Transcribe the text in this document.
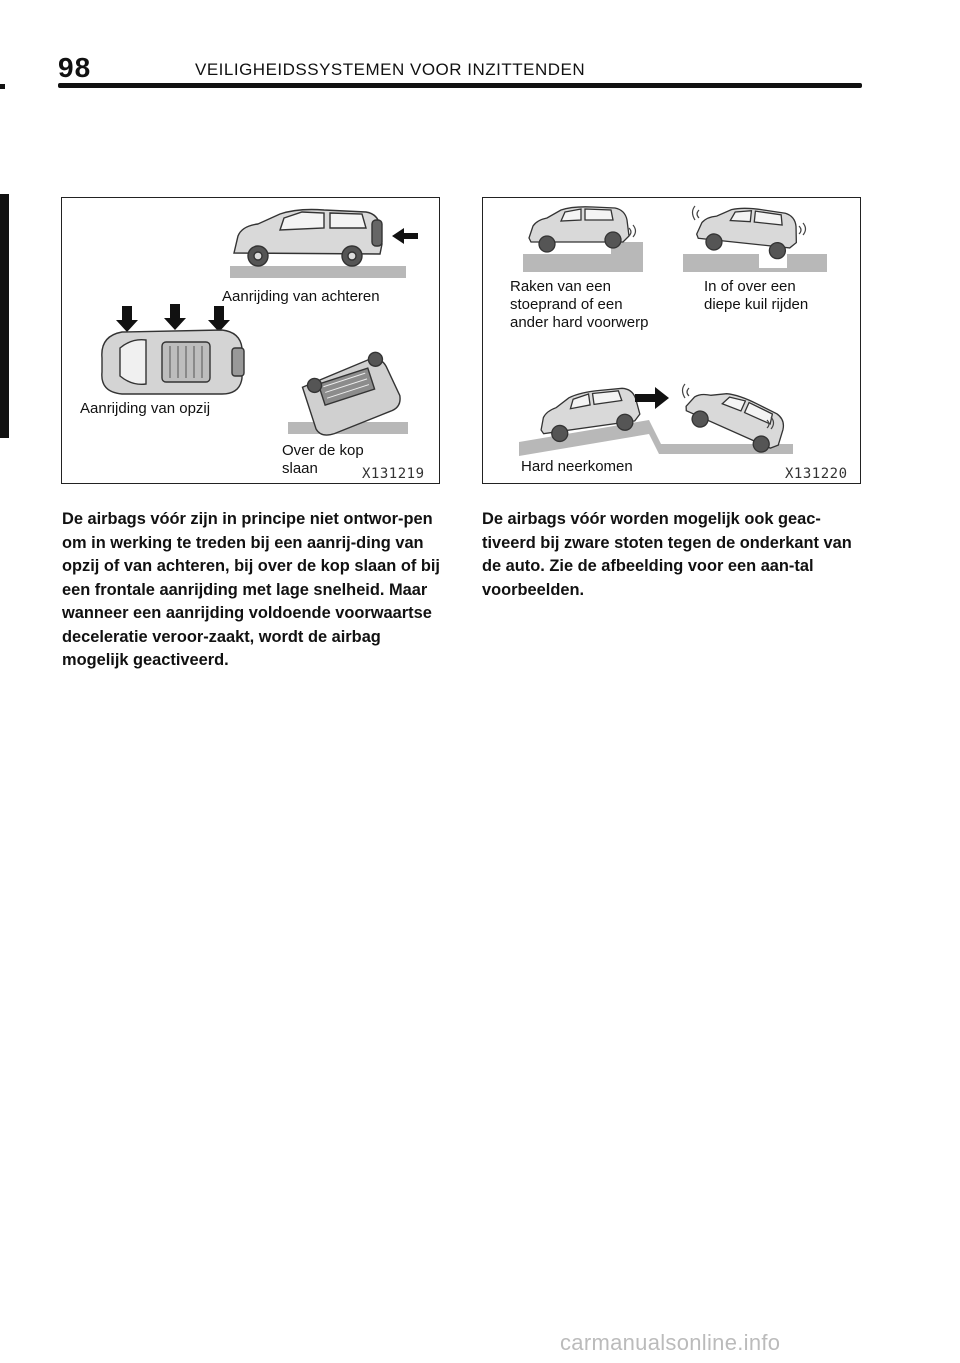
98	VEILIGHEIDSSYSTEMEN VOOR INZITTENDEN
Aanrijding van achteren
Aanrijding van opzij
Over de kop
slaan	X131219
Raken van een
stoeprand of een
ander hard voorwerp
In of over een
diepe kuil rijden
Hard neerkomen	X131220
De airbags vóór zijn in principe niet ontwor-pen om in werking te treden bij een aanrij-ding van opzij of van achteren, bij over de kop slaan of bij een frontale aanrijding met lage snelheid. Maar wanneer een aanrijding voldoende voorwaartse deceleratie veroor-zaakt, wordt de airbag mogelijk geactiveerd.
De airbags vóór worden mogelijk ook geac-tiveerd bij zware stoten tegen de onderkant van de auto. Zie de afbeelding voor een aan-tal voorbeelden.
carmanualsonline.info
